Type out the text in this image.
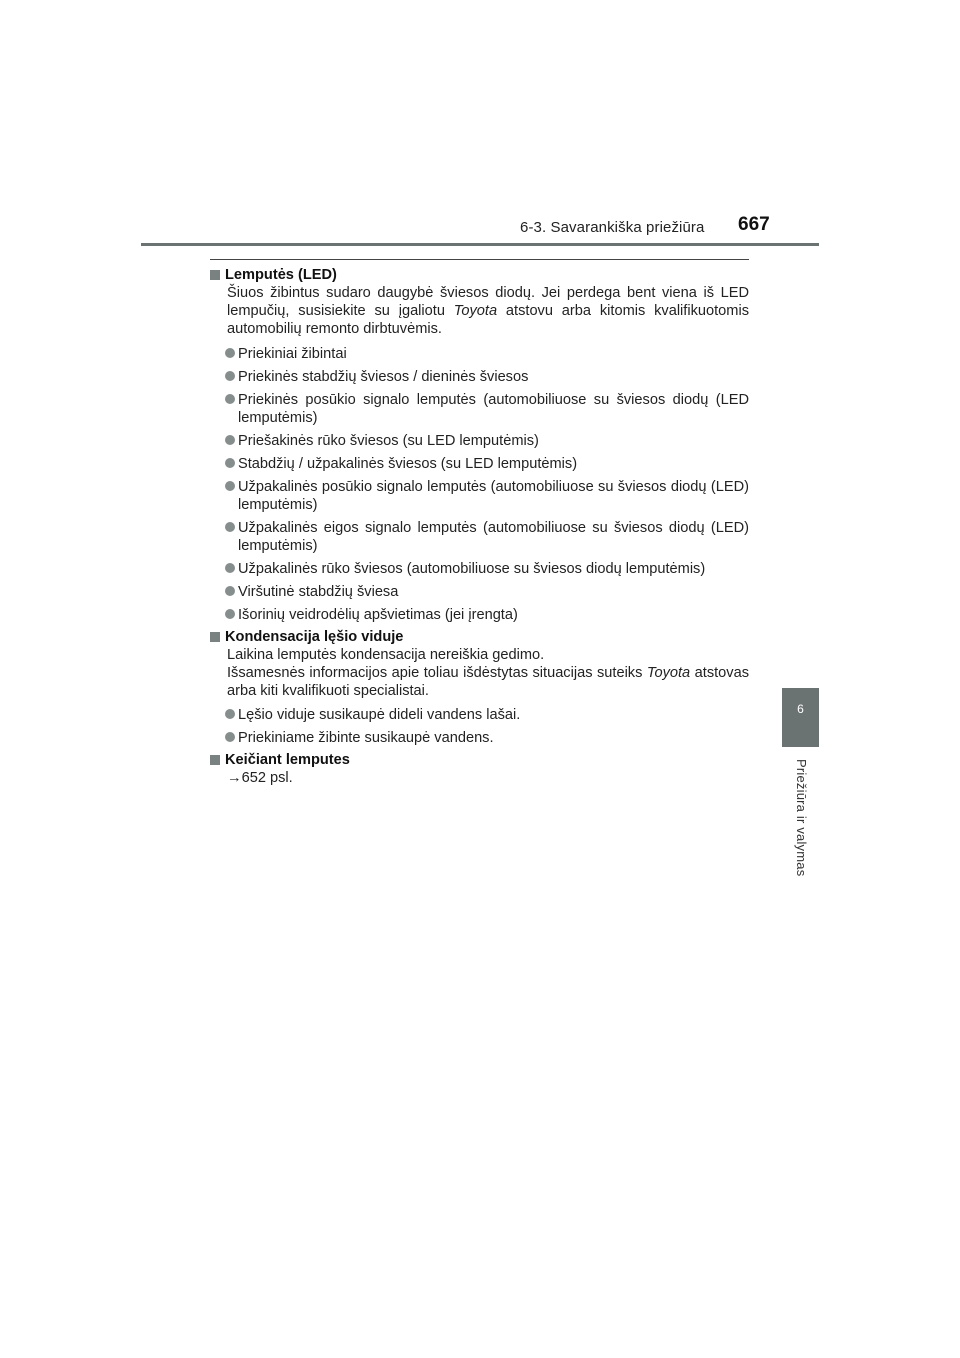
6-3. Savarankiška priežiūra 667
6
Priežiūra ir valymas
Lemputės (LED)
Šiuos žibintus sudaro daugybė šviesos diodų. Jei perdega bent viena iš LED lempučių, susisiekite su įgaliotu Toyota atstovu arba kitomis kvalifikuotomis automobilių remonto dirbtuvėmis.
Priekiniai žibintai
Priekinės stabdžių šviesos / dieninės šviesos
Priekinės posūkio signalo lemputės (automobiliuose su šviesos diodų (LED lemputėmis)
Priešakinės rūko šviesos (su LED lemputėmis)
Stabdžių / užpakalinės šviesos (su LED lemputėmis)
Užpakalinės posūkio signalo lemputės (automobiliuose su šviesos diodų (LED) lemputėmis)
Užpakalinės eigos signalo lemputės (automobiliuose su šviesos diodų (LED) lemputėmis)
Užpakalinės rūko šviesos (automobiliuose su šviesos diodų lemputėmis)
Viršutinė stabdžių šviesa
Išorinių veidrodėlių apšvietimas (jei įrengta)
Kondensacija lęšio viduje
Laikina lemputės kondensacija nereiškia gedimo.
Išsamesnės informacijos apie toliau išdėstytas situacijas suteiks Toyota atstovas arba kiti kvalifikuoti specialistai.
Lęšio viduje susikaupė dideli vandens lašai.
Priekiniame žibinte susikaupė vandens.
Keičiant lemputes
→652 psl.
